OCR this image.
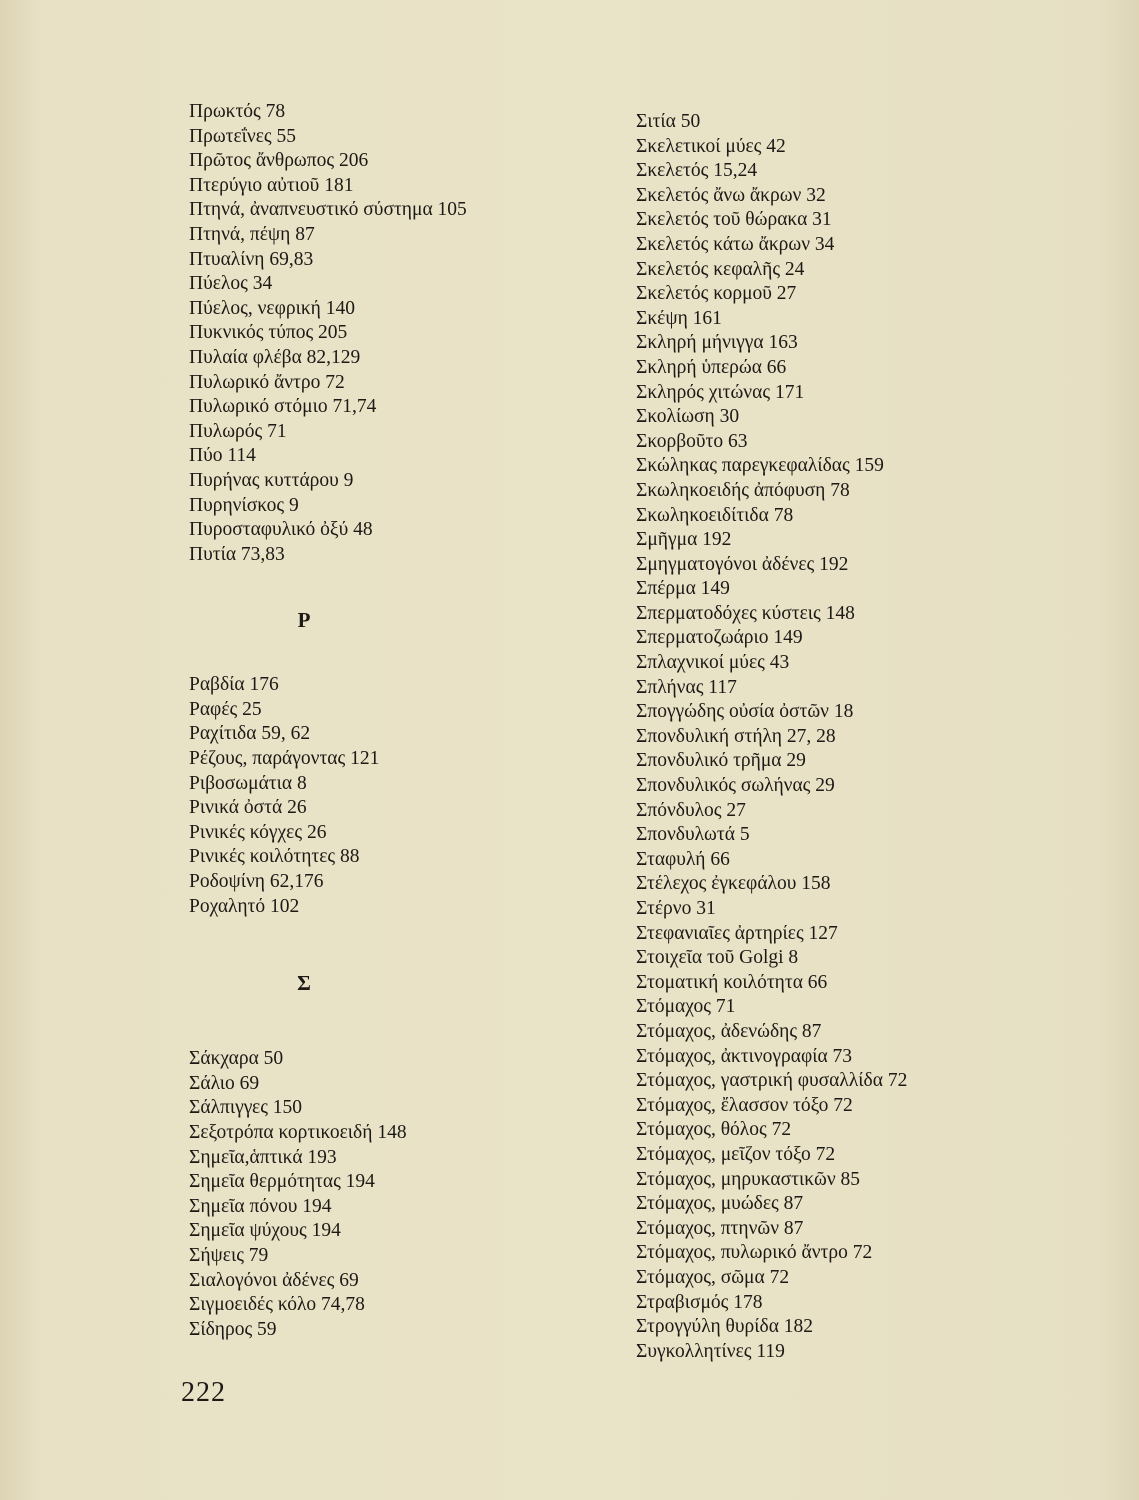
Πρωκτός 78
Πρωτεΐνες 55
Πρῶτος ἄνθρωπος 206
Πτερύγιο αὐτιοῦ 181
Πτηνά, ἀναπνευστικό σύστημα 105
Πτηνά, πέψη 87
Πτυαλίνη 69,83
Πύελος 34
Πύελος, νεφρική 140
Πυκνικός τύπος 205
Πυλαία φλέβα 82,129
Πυλωρικό ἄντρο 72
Πυλωρικό στόμιο 71,74
Πυλωρός 71
Πύο 114
Πυρήνας κυττάρου 9
Πυρηνίσκος 9
Πυροσταφυλικό ὀξύ 48
Πυτία 73,83
Ρ
Ραβδία 176
Ραφές 25
Ραχίτιδα 59, 62
Ρέζους, παράγοντας 121
Ριβοσωμάτια 8
Ρινικά ὀστά 26
Ρινικές κόγχες 26
Ρινικές κοιλότητες 88
Ροδοψίνη 62,176
Ροχαλητό 102
Σ
Σάκχαρα 50
Σάλιο 69
Σάλπιγγες 150
Σεξοτρόπα κορτικοειδή 148
Σημεῖα,ἁπτικά 193
Σημεῖα θερμότητας 194
Σημεῖα πόνου 194
Σημεῖα ψύχους 194
Σήψεις 79
Σιαλογόνοι ἀδένες 69
Σιγμοειδές κόλο 74,78
Σίδηρος 59
Σιτία 50
Σκελετικοί μύες 42
Σκελετός 15,24
Σκελετός ἄνω ἄκρων 32
Σκελετός τοῦ θώρακα 31
Σκελετός κάτω ἄκρων 34
Σκελετός κεφαλῆς 24
Σκελετός κορμοῦ 27
Σκέψη 161
Σκληρή μήνιγγα 163
Σκληρή ὑπερώα 66
Σκληρός χιτώνας 171
Σκολίωση 30
Σκορβοῦτο 63
Σκώληκας παρεγκεφαλίδας 159
Σκωληκοειδής ἀπόφυση 78
Σκωληκοειδίτιδα 78
Σμῆγμα 192
Σμηγματογόνοι ἀδένες 192
Σπέρμα 149
Σπερματοδόχες κύστεις 148
Σπερματοζωάριο 149
Σπλαχνικοί μύες 43
Σπλήνας 117
Σπογγώδης οὐσία ὀστῶν 18
Σπονδυλική στήλη 27, 28
Σπονδυλικό τρῆμα 29
Σπονδυλικός σωλήνας 29
Σπόνδυλος 27
Σπονδυλωτά 5
Σταφυλή 66
Στέλεχος ἐγκεφάλου 158
Στέρνο 31
Στεφανιαῖες ἀρτηρίες 127
Στοιχεῖα τοῦ Golgi 8
Στοματική κοιλότητα 66
Στόμαχος 71
Στόμαχος, ἀδενώδης 87
Στόμαχος, ἀκτινογραφία 73
Στόμαχος, γαστρική φυσαλλίδα 72
Στόμαχος, ἔλασσον τόξο 72
Στόμαχος, θόλος 72
Στόμαχος, μεῖζον τόξο 72
Στόμαχος, μηρυκαστικῶν 85
Στόμαχος, μυώδες 87
Στόμαχος, πτηνῶν 87
Στόμαχος, πυλωρικό ἄντρο 72
Στόμαχος, σῶμα 72
Στραβισμός 178
Στρογγύλη θυρίδα 182
Συγκολλητίνες 119
222
